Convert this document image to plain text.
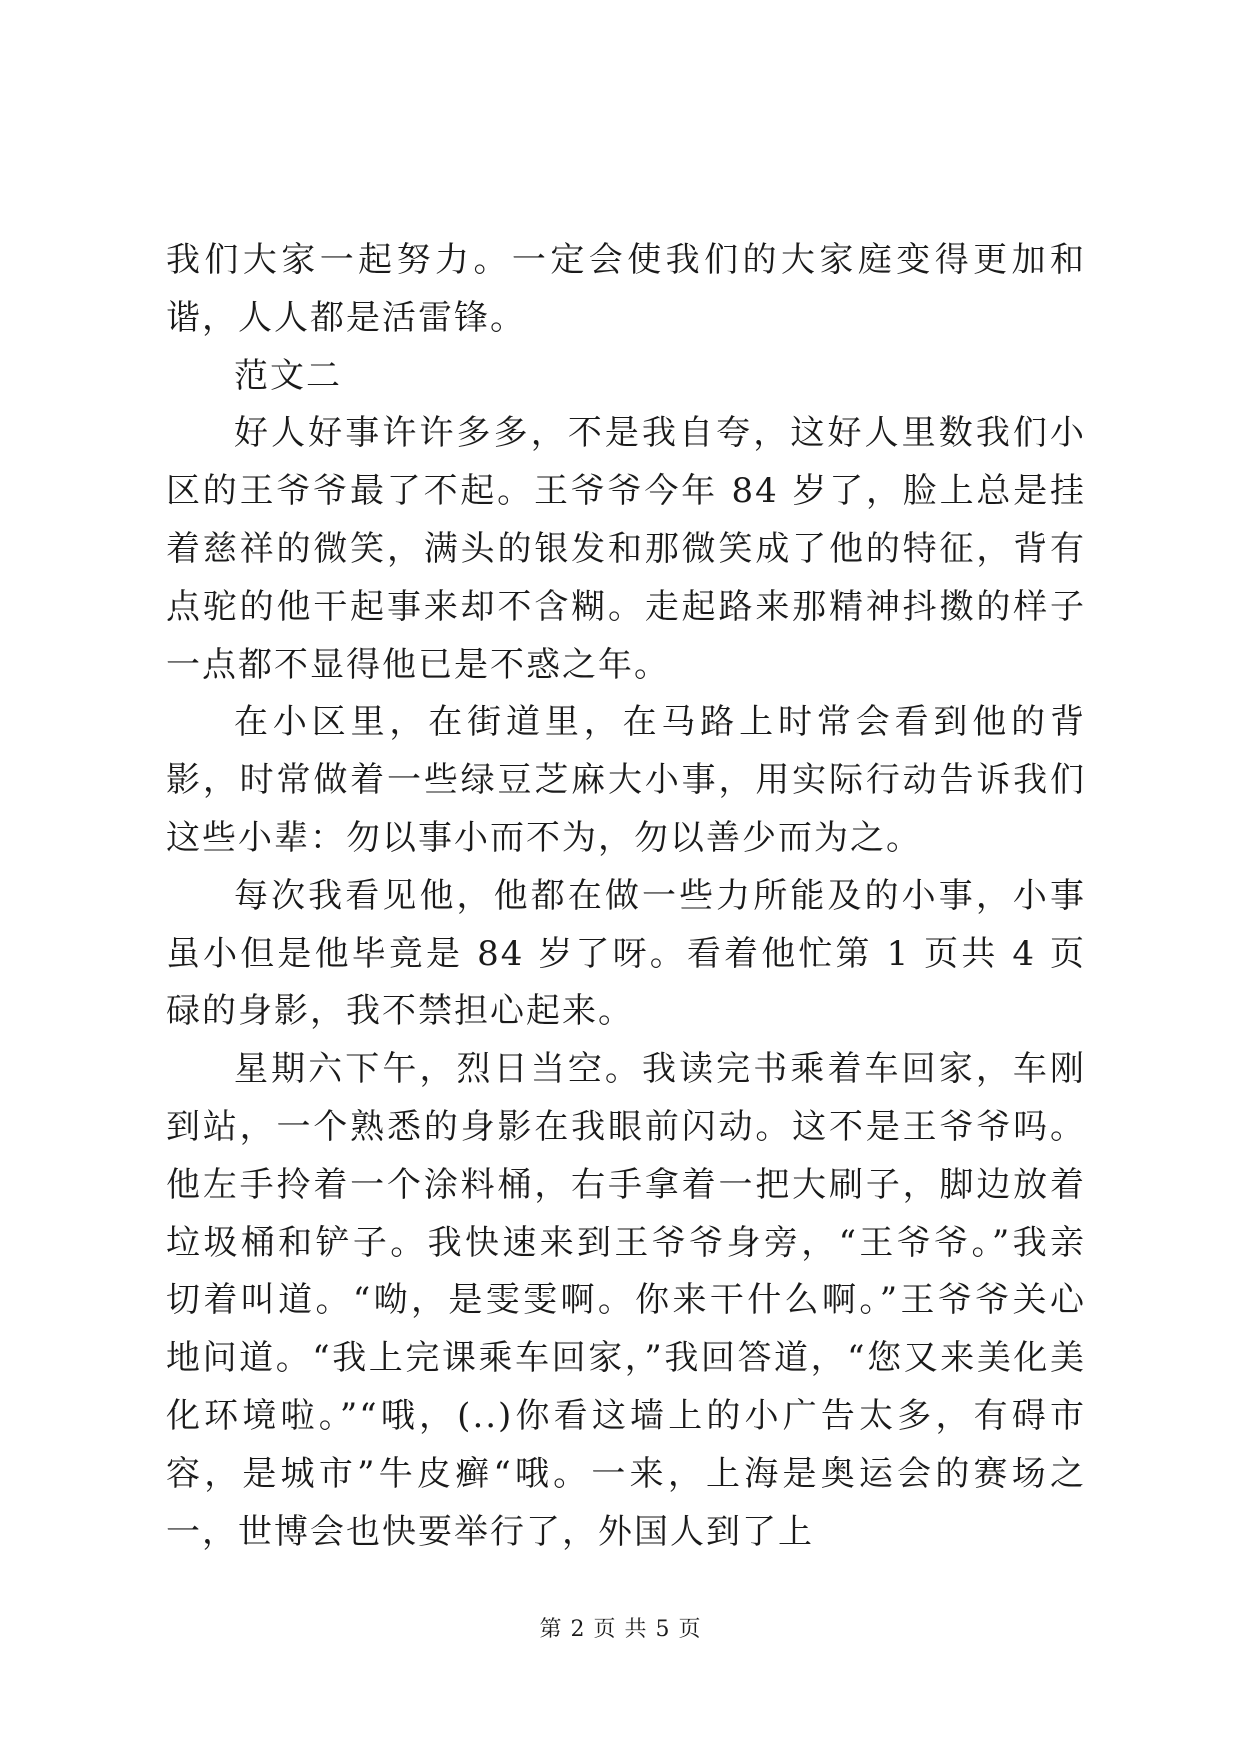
我们大家一起努力。一定会使我们的大家庭变得更加和谐，人人都是活雷锋。

范文二

好人好事许许多多，不是我自夸，这好人里数我们小区的王爷爷最了不起。王爷爷今年 84 岁了，脸上总是挂着慈祥的微笑，满头的银发和那微笑成了他的特征，背有点驼的他干起事来却不含糊。走起路来那精神抖擞的样子一点都不显得他已是不惑之年。

在小区里，在街道里，在马路上时常会看到他的背影，时常做着一些绿豆芝麻大小事，用实际行动告诉我们这些小辈：勿以事小而不为，勿以善少而为之。

每次我看见他，他都在做一些力所能及的小事，小事虽小但是他毕竟是 84 岁了呀。看着他忙第 1 页共 4 页碌的身影，我不禁担心起来。

星期六下午，烈日当空。我读完书乘着车回家，车刚到站，一个熟悉的身影在我眼前闪动。这不是王爷爷吗。他左手拎着一个涂料桶，右手拿着一把大刷子，脚边放着垃圾桶和铲子。我快速来到王爷爷身旁，“王爷爷。”我亲切着叫道。“呦，是雯雯啊。你来干什么啊。”王爷爷关心地问道。“我上完课乘车回家，”我回答道，“您又来美化美化环境啦。”“哦，(..)你看这墙上的小广告太多，有碍市容，是城市”牛皮癣“哦。一来，上海是奥运会的赛场之一，世博会也快要举行了，外国人到了上

第 2 页 共 5 页
